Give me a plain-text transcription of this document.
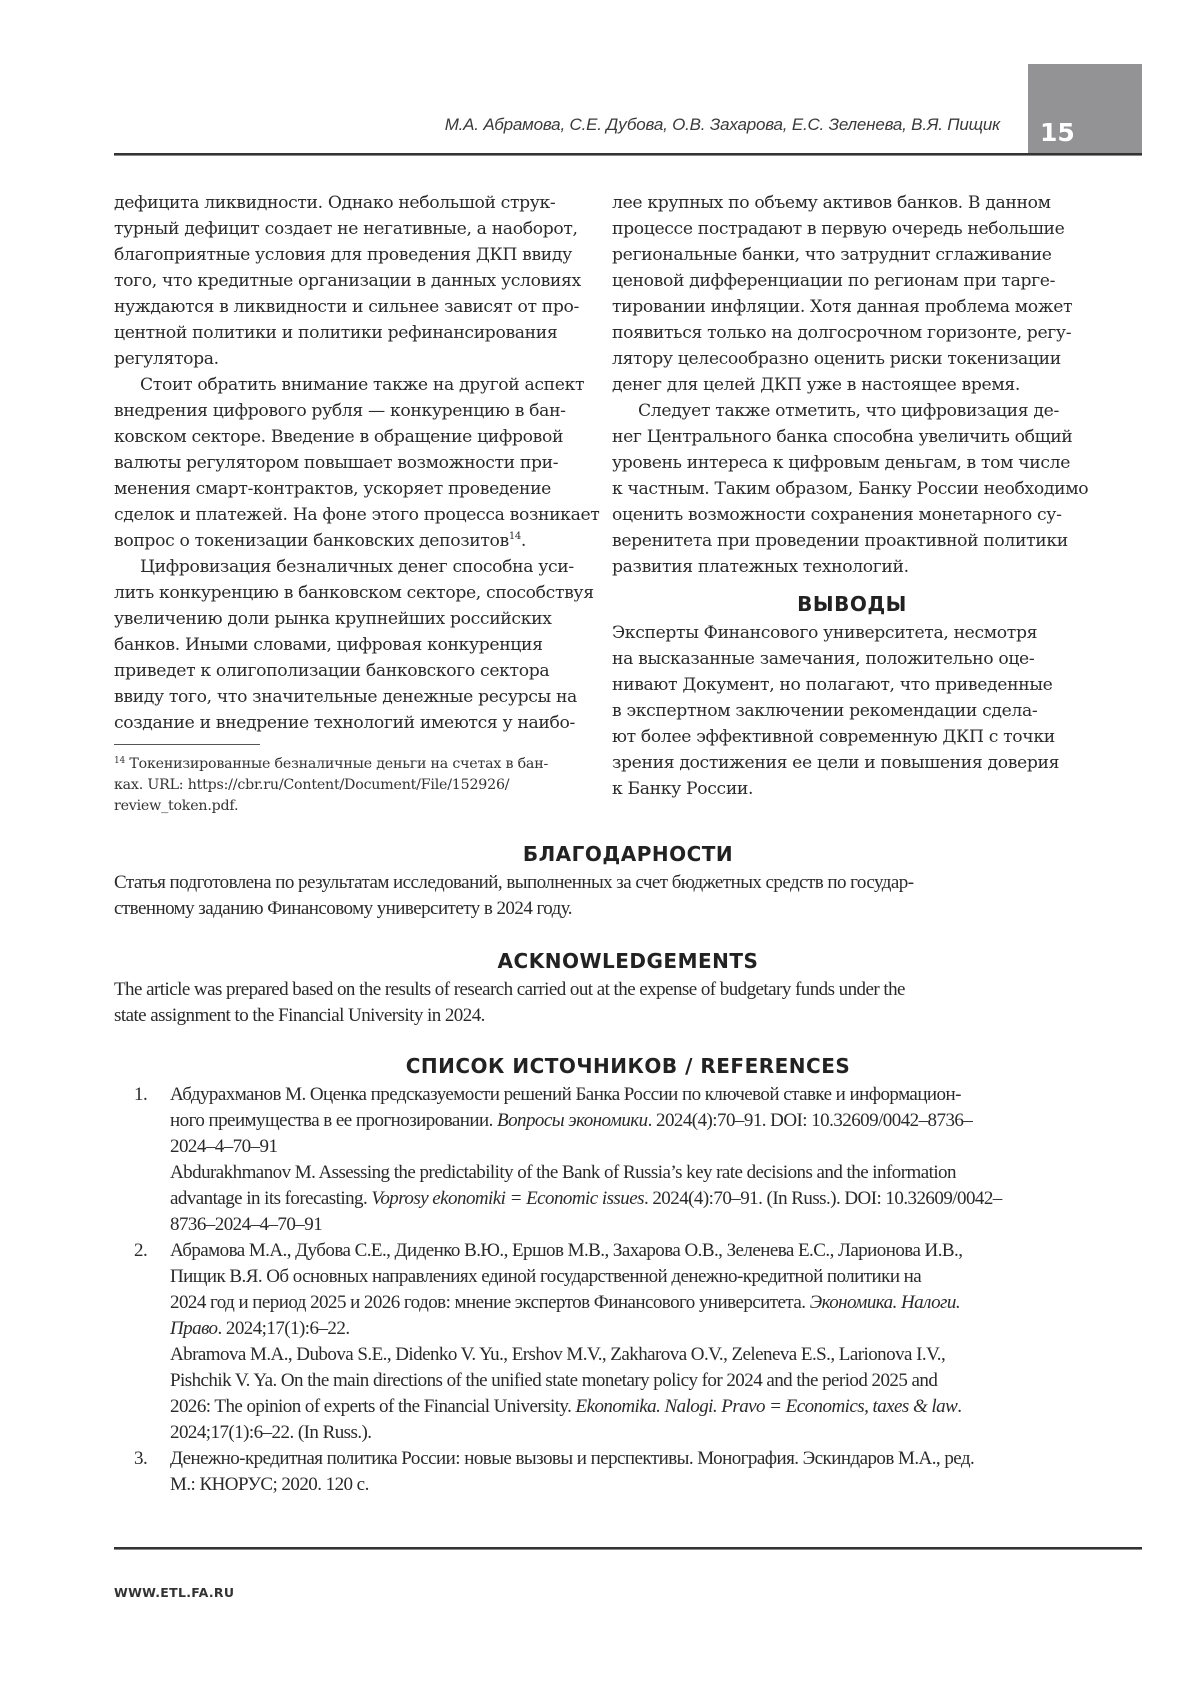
М.А. Абрамова, С.Е. Дубова, О.В. Захарова, Е.С. Зеленева, В.Я. Пищик 15
дефицита ликвидности. Однако небольшой струк-
турный дефицит создает не негативные, а наоборот,
благоприятные условия для проведения ДКП ввиду
того, что кредитные организации в данных условиях
нуждаются в ликвидности и сильнее зависят от про-
центной политики и политики рефинансирования
регулятора.
Стоит обратить внимание также на другой аспект
внедрения цифрового рубля — конкуренцию в бан-
ковском секторе. Введение в обращение цифровой
валюты регулятором повышает возможности при-
менения смарт-контрактов, ускоряет проведение
сделок и платежей. На фоне этого процесса возникает
вопрос о токенизации банковских депозитов$^{14}$.
Цифровизация безналичных денег способна уси-
лить конкуренцию в банковском секторе, способствуя
увеличению доли рынка крупнейших российских
банков. Иными словами, цифровая конкуренция
приведет к олигополизации банковского сектора
ввиду того, что значительные денежные ресурсы на
создание и внедрение технологий имеются у наибо-
$^{14}$ Токенизированные безналичные деньги на счетах в бан-
ках. URL: https://cbr.ru/Content/Document/File/152926/
review_token.pdf.
лее крупных по объему активов банков. В данном
процессе пострадают в первую очередь небольшие
региональные банки, что затруднит сглаживание
ценовой дифференциации по регионам при тарге-
тировании инфляции. Хотя данная проблема может
появиться только на долгосрочном горизонте, регу-
лятору целесообразно оценить риски токенизации
денег для целей ДКП уже в настоящее время.
Следует также отметить, что цифровизация де-
нег Центрального банка способна увеличить общий
уровень интереса к цифровым деньгам, в том числе
к частным. Таким образом, Банку России необходимо
оценить возможности сохранения монетарного су-
веренитета при проведении проактивной политики
развития платежных технологий.
ВЫВОДЫ
Эксперты Финансового университета, несмотря
на высказанные замечания, положительно оце-
нивают Документ, но полагают, что приведенные
в экспертном заключении рекомендации сдела-
ют более эффективной современную ДКП с точки
зрения достижения ее цели и повышения доверия
к Банку России.
БЛАГОДАРНОСТИ
Статья подготовлена по результатам исследований, выполненных за счет бюджетных средств по государ-
ственному заданию Финансовому университету в 2024 году.
ACKNOWLEDGEMENTS
The article was prepared based on the results of research carried out at the expense of budgetary funds under the
state assignment to the Financial University in 2024.
СПИСОК ИСТОЧНИКОВ / REFERENCES
1. Абдурахманов М. Оценка предсказуемости решений Банка России по ключевой ставке и информацион-
ного преимущества в ее прогнозировании. Вопросы экономики. 2024(4):70–91. DOI: 10.32609/0042–8736–
2024–4–70–91
Abdurakhmanov M. Assessing the predictability of the Bank of Russia’s key rate decisions and the information
advantage in its forecasting. Voprosy ekonomiki = Economic issues. 2024(4):70–91. (In Russ.). DOI: 10.32609/0042–
8736–2024–4–70–91
2. Абрамова М.А., Дубова С.Е., Диденко В.Ю., Ершов М.В., Захарова О.В., Зеленева Е.С., Ларионова И.В.,
Пищик В.Я. Об основных направлениях единой государственной денежно-кредитной политики на
2024 год и период 2025 и 2026 годов: мнение экспертов Финансового университета. Экономика. Налоги.
Право. 2024;17(1):6–22.
Abramova M.A., Dubova S.E., Didenko V. Yu., Ershov M.V., Zakharova O.V., Zeleneva E.S., Larionova I.V.,
Pishchik V. Ya. On the main directions of the unified state monetary policy for 2024 and the period 2025 and
2026: The opinion of experts of the Financial University. Ekonomika. Nalogi. Pravo = Economics, taxes & law.
2024;17(1):6–22. (In Russ.).
3. Денежно-кредитная политика России: новые вызовы и перспективы. Монография. Эскиндаров М.А., ред.
М.: КНОРУС; 2020. 120 с.
WWW.ETL.FA.RU
